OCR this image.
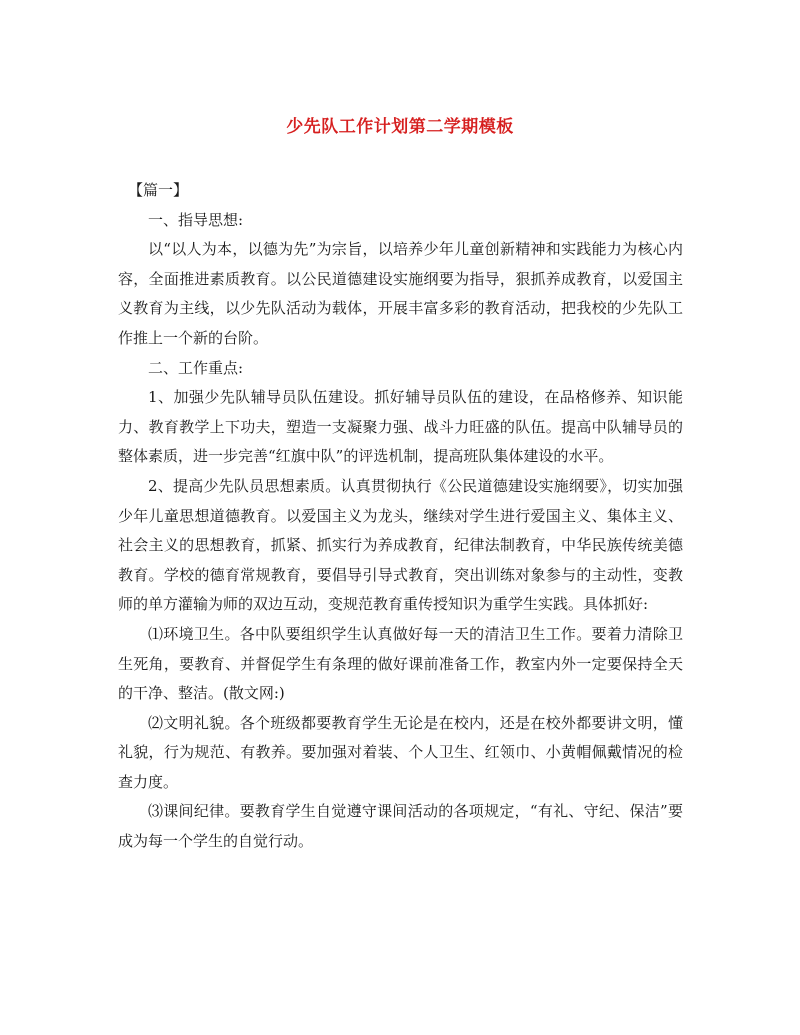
少先队工作计划第二学期模板

【篇一】

一、指导思想:

以“以人为本，以德为先”为宗旨，以培养少年儿童创新精神和实践能力为核心内容，全面推进素质教育。以公民道德建设实施纲要为指导，狠抓养成教育，以爱国主义教育为主线，以少先队活动为载体，开展丰富多彩的教育活动，把我校的少先队工作推上一个新的台阶。

二、工作重点:

1、加强少先队辅导员队伍建设。抓好辅导员队伍的建设，在品格修养、知识能力、教育教学上下功夫，塑造一支凝聚力强、战斗力旺盛的队伍。提高中队辅导员的整体素质，进一步完善“红旗中队”的评选机制，提高班队集体建设的水平。

2、提高少先队员思想素质。认真贯彻执行《公民道德建设实施纲要》，切实加强少年儿童思想道德教育。以爱国主义为龙头，继续对学生进行爱国主义、集体主义、社会主义的思想教育，抓紧、抓实行为养成教育，纪律法制教育，中华民族传统美德教育。学校的德育常规教育，要倡导引导式教育，突出训练对象参与的主动性，变教师的单方灌输为师的双边互动，变规范教育重传授知识为重学生实践。具体抓好:

⑴环境卫生。各中队要组织学生认真做好每一天的清洁卫生工作。要着力清除卫生死角，要教育、并督促学生有条理的做好课前准备工作，教室内外一定要保持全天的干净、整洁。(散文网:)

⑵文明礼貌。各个班级都要教育学生无论是在校内，还是在校外都要讲文明，懂礼貌，行为规范、有教养。要加强对着装、个人卫生、红领巾、小黄帽佩戴情况的检查力度。

⑶课间纪律。要教育学生自觉遵守课间活动的各项规定，“有礼、守纪、保洁”要成为每一个学生的自觉行动。
